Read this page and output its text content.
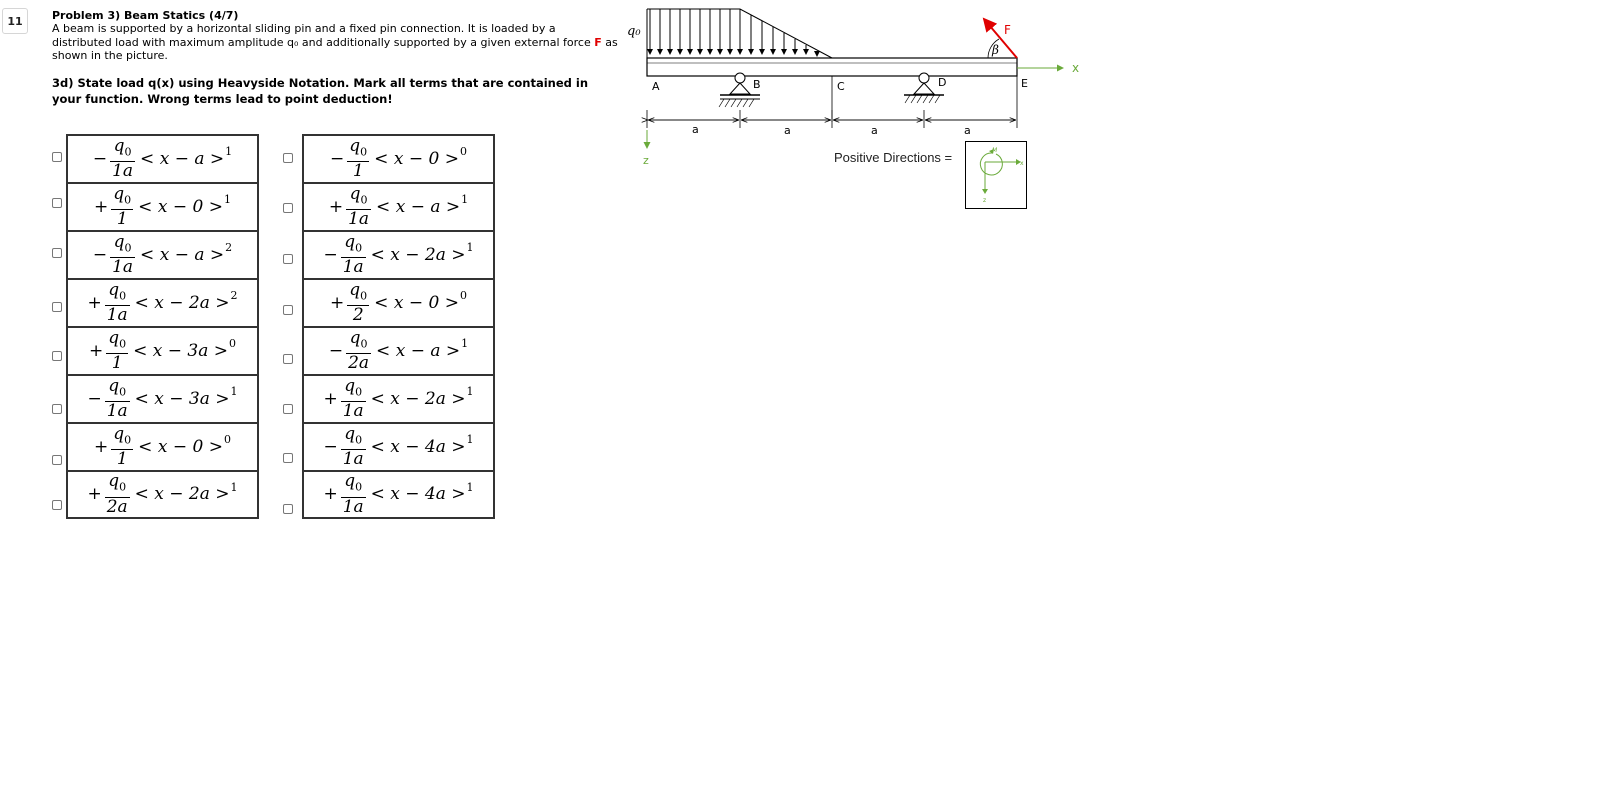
11	Problem 3) Beam Statics (4/7)
A beam is supported by a horizontal sliding pin and a fixed pin connection. It is loaded by a distributed load with maximum amplitude q₀ and additionally supported by a given external force F as shown in the picture.
3d) State load q(x) using Heavyside Notation. Mark all terms that are contained in your function. Wrong terms lead to point deduction!
− $\frac{q_0}{1a} < x - a > 1$
+ $\frac{q_0}{1} < x - 0 > 1$
− $\frac{q_0}{1a} < x - a > 2$
+ $\frac{q_0}{1a} < x - 2a > 2$
+ $\frac{q_0}{1} < x - 3a > 0$
− $\frac{q_0}{1a} < x - 3a > 1$
+ $\frac{q_0}{1} < x - 0 > 0$
+ $\frac{q_0}{2a} < x - 2a > 1$
− $\frac{q_0}{1} < x - 0 > 0$
+ $\frac{q_0}{1a} < x - a > 1$
− $\frac{q_0}{1a} < x - 2a > 1$
+ $\frac{q_0}{2} < x - 0 > 0$
− $\frac{q_0}{2a} < x - a > 1$
+ $\frac{q_0}{1a} < x - 2a > 1$
− $\frac{q_0}{1a} < x - 4a > 1$
+ $\frac{q_0}{1a} < x - 4a > 1$
q₀
x
z
F
β
A	B	C	D	E
a	a	a	a
Positive Directions =	M
x
z
